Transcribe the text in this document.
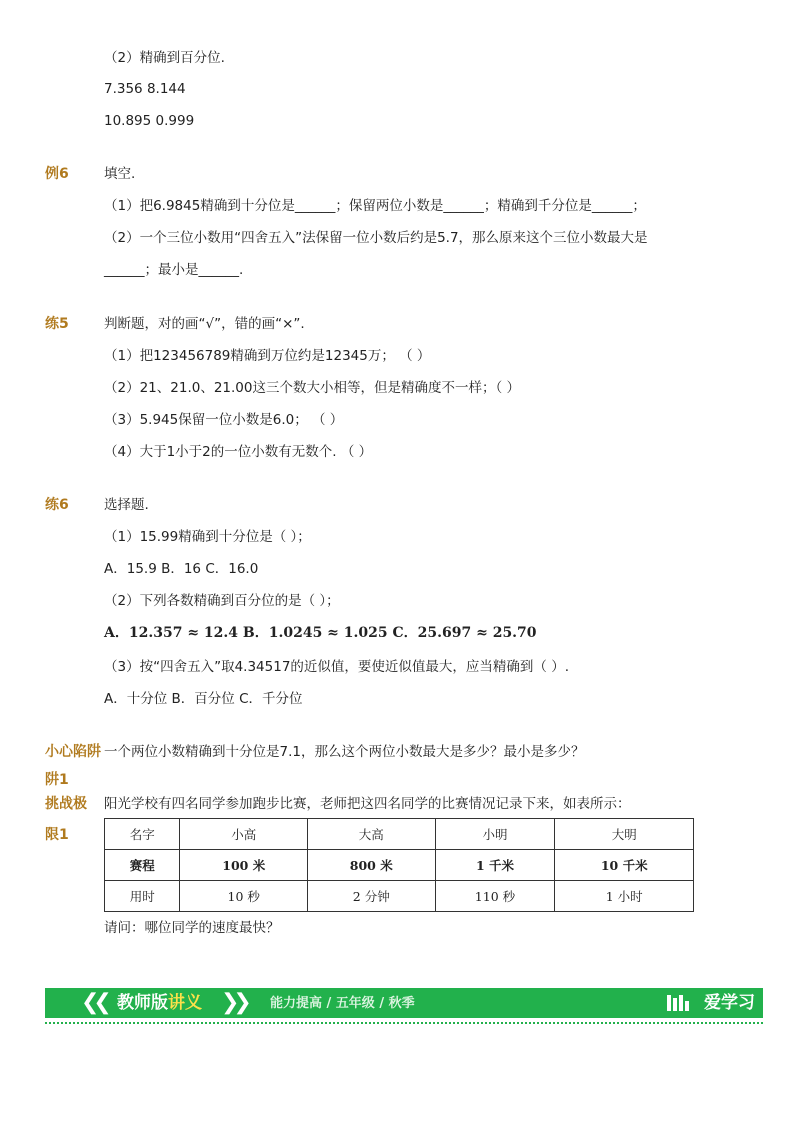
（2）精确到百分位.
7.356 8.144
10.895 0.999
例6	填空.
（1）把6.9845精确到十分位是______；保留两位小数是______；精确到千分位是______；
（2）一个三位小数用“四舍五入”法保留一位小数后约是5.7，那么原来这个三位小数最大是
______；最小是______.
练5	判断题，对的画“√”，错的画“×”.
（1）把123456789精确到万位约是12345万； （ ）
（2）21、21.0、21.00这三个数大小相等，但是精确度不一样；（ ）
（3）5.945保留一位小数是6.0； （ ）
（4）大于1小于2的一位小数有无数个. （ ）
练6	选择题.
（1）15.99精确到十分位是（ ）；
A．15.9 B．16 C．16.0
（2）下列各数精确到百分位的是（ ）；
A．12.357 ≈ 12.4 B．1.0245 ≈ 1.025 C．25.697 ≈ 25.70
（3）按“四舍五入”取4.34517的近似值，要使近似值最大，应当精确到（ ）.
A．十分位 B．百分位 C．千分位
小心陷阱 一个两位小数精确到十分位是7.1，那么这个两位小数最大是多少？最小是多少？
阱1
挑战极
限1
阳光学校有四名同学参加跑步比赛，老师把这四名同学的比赛情况记录下来，如表所示：
名字	小高	大高	小明	大明
赛程	100 米	800 米	1 千米	10 千米
用时	10 秒	2 分钟	110 秒	1 小时
请问：哪位同学的速度最快？
❮❮ 教师版讲义 ❯❯ 能力提高 / 五年级 / 秋季	爱学习
